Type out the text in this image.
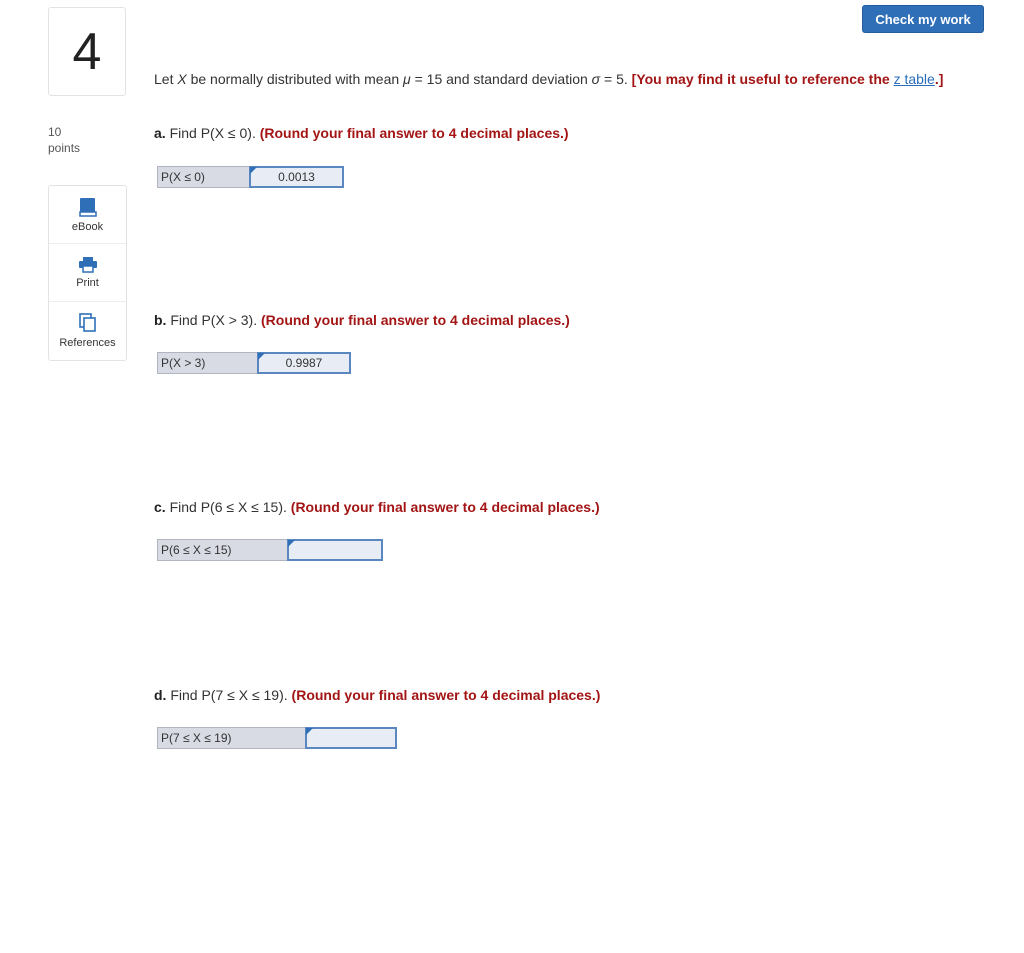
4
10
points
eBook
Print
References
Check my work
Let X be normally distributed with mean μ = 15 and standard deviation σ = 5. [You may find it useful to reference the z table.]
a. Find P(X ≤ 0). (Round your final answer to 4 decimal places.)
b. Find P(X > 3). (Round your final answer to 4 decimal places.)
c. Find P(6 ≤ X ≤ 15). (Round your final answer to 4 decimal places.)
d. Find P(7 ≤ X ≤ 19). (Round your final answer to 4 decimal places.)
P(X ≤ 0)	0.0013
P(X > 3)	0.9987
P(6 ≤ X ≤ 15)
P(7 ≤ X ≤ 19)
